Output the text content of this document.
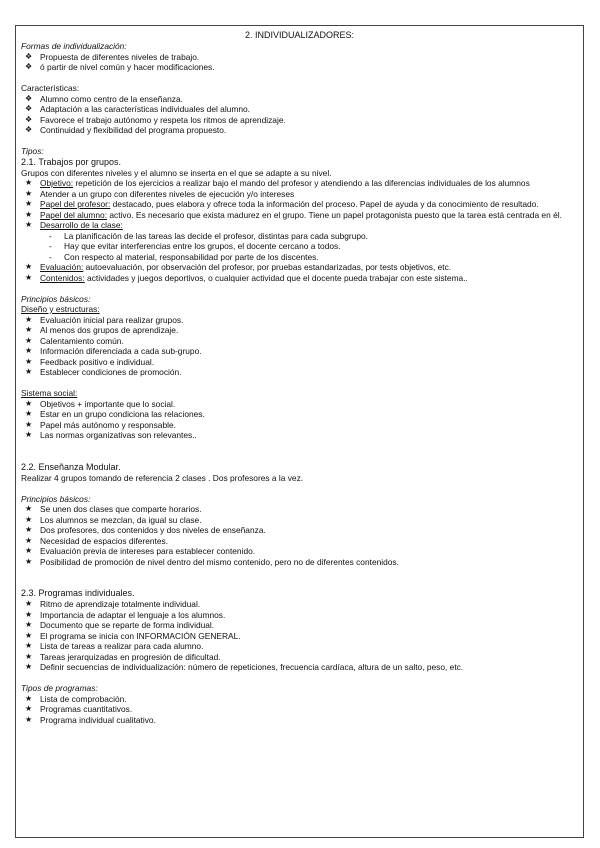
2. INDIVIDUALIZADORES:
Formas de individualización:
❖ Propuesta de diferentes niveles de trabajo.
❖ ó partir de nivel común y hacer modificaciones.
Características:
❖ Alumno como centro de la enseñanza.
❖ Adaptación a las características individuales del alumno.
❖ Favorece el trabajo autónomo y respeta los ritmos de aprendizaje.
❖ Continuidad y flexibilidad del programa propuesto.
Tipos:
2.1. Trabajos por grupos.
Grupos con diferentes niveles y el alumno se inserta en el que se adapte a su nivel.
★ Objetivo: repetición de los ejercicios a realizar bajo el mando del profesor y atendiendo a las diferencias individuales de los alumnos
★ Atender a un grupo con diferentes niveles de ejecución y/o intereses
★ Papel del profesor: destacado, pues elabora y ofrece toda la información del proceso. Papel de ayuda y da conocimiento de resultado.
★ Papel del alumno: activo. Es necesario que exista madurez en el grupo. Tiene un papel protagonista puesto que la tarea está centrada en él.
★ Desarrollo de la clase:
- La planificación de las tareas las decide el profesor, distintas para cada subgrupo.
- Hay que evitar interferencias entre los grupos, el docente cercano a todos.
- Con respecto al material, responsabilidad por parte de los discentes.
★ Evaluación: autoevaluación, por observación del profesor, por pruebas estandarizadas, por tests objetivos, etc.
★ Contenidos: actividades y juegos deportivos, o cualquier actividad que el docente pueda trabajar con este sistema..
Principios básicos:
Diseño y estructuras:
★ Evaluación inicial para realizar grupos.
★ Al menos dos grupos de aprendizaje.
★ Calentamiento común.
★ Información diferenciada a cada sub-grupo.
★ Feedback positivo e individual.
★ Establecer condiciones de promoción.
Sistema social:
★ Objetivos + importante que lo social.
★ Estar en un grupo condiciona las relaciones.
★ Papel más autónomo y responsable.
★ Las normas organizativas son relevantes..
2.2. Enseñanza Modular.
Realizar 4 grupos tomando de referencia 2 clases . Dos profesores a la vez.
Principios básicos:
★ Se unen dos clases que comparte horarios.
★ Los alumnos se mezclan, da igual su clase.
★ Dos profesores, dos contenidos y dos niveles de enseñanza.
★ Necesidad de espacios diferentes.
★ Evaluación previa de intereses para establecer contenido.
★ Posibilidad de promoción de nivel dentro del mismo contenido, pero no de diferentes contenidos.
2.3. Programas individuales.
★ Ritmo de aprendizaje totalmente individual.
★ Importancia de adaptar el lenguaje a los alumnos.
★ Documento que se reparte de forma individual.
★ El programa se inicia con INFORMACIÓN GENERAL.
★ Lista de tareas a realizar para cada alumno.
★ Tareas jerarquizadas en progresión de dificultad.
★ Definir secuencias de individualización: número de repeticiones, frecuencia cardíaca, altura de un salto, peso, etc.
Tipos de programas:
★ Lista de comprobación.
★ Programas cuantitativos.
★ Programa individual cualitativo.
